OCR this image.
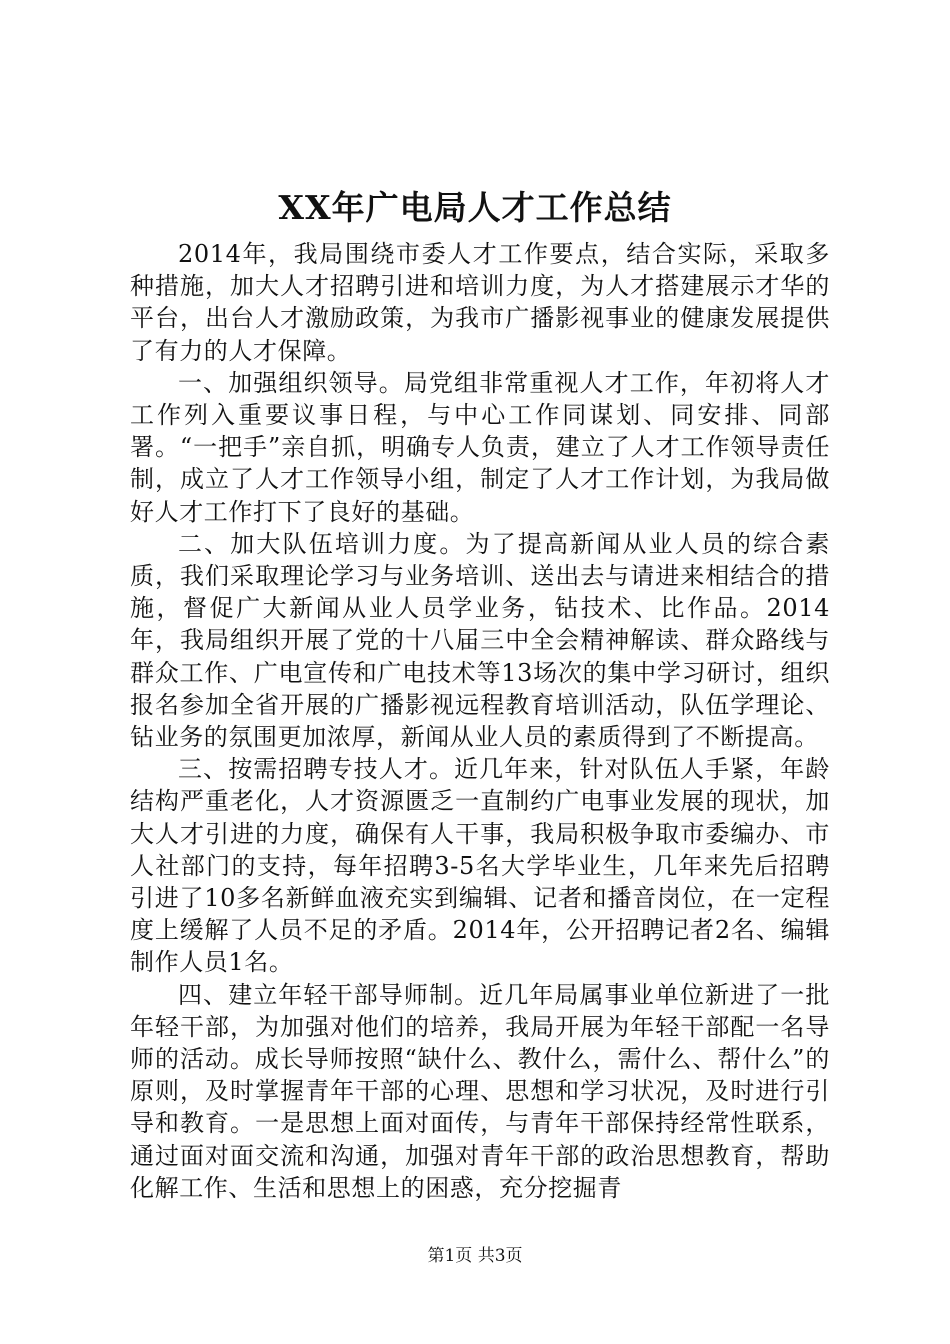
XX年广电局人才工作总结

2014年，我局围绕市委人才工作要点，结合实际，采取多种措施，加大人才招聘引进和培训力度，为人才搭建展示才华的平台，出台人才激励政策，为我市广播影视事业的健康发展提供了有力的人才保障。

一、加强组织领导。局党组非常重视人才工作，年初将人才工作列入重要议事日程，与中心工作同谋划、同安排、同部署。“一把手”亲自抓，明确专人负责，建立了人才工作领导责任制，成立了人才工作领导小组，制定了人才工作计划，为我局做好人才工作打下了良好的基础。

二、加大队伍培训力度。为了提高新闻从业人员的综合素质，我们采取理论学习与业务培训、送出去与请进来相结合的措施，督促广大新闻从业人员学业务，钻技术、比作品。2014年，我局组织开展了党的十八届三中全会精神解读、群众路线与群众工作、广电宣传和广电技术等13场次的集中学习研讨，组织报名参加全省开展的广播影视远程教育培训活动，队伍学理论、钻业务的氛围更加浓厚，新闻从业人员的素质得到了不断提高。

三、按需招聘专技人才。近几年来，针对队伍人手紧，年龄结构严重老化，人才资源匮乏一直制约广电事业发展的现状，加大人才引进的力度，确保有人干事，我局积极争取市委编办、市人社部门的支持，每年招聘3-5名大学毕业生，几年来先后招聘引进了10多名新鲜血液充实到编辑、记者和播音岗位，在一定程度上缓解了人员不足的矛盾。2014年，公开招聘记者2名、编辑制作人员1名。

四、建立年轻干部导师制。近几年局属事业单位新进了一批年轻干部，为加强对他们的培养，我局开展为年轻干部配一名导师的活动。成长导师按照“缺什么、教什么，需什么、帮什么”的原则，及时掌握青年干部的心理、思想和学习状况，及时进行引导和教育。一是思想上面对面传，与青年干部保持经常性联系，通过面对面交流和沟通，加强对青年干部的政治思想教育，帮助化解工作、生活和思想上的困惑，充分挖掘青

第1页 共3页
